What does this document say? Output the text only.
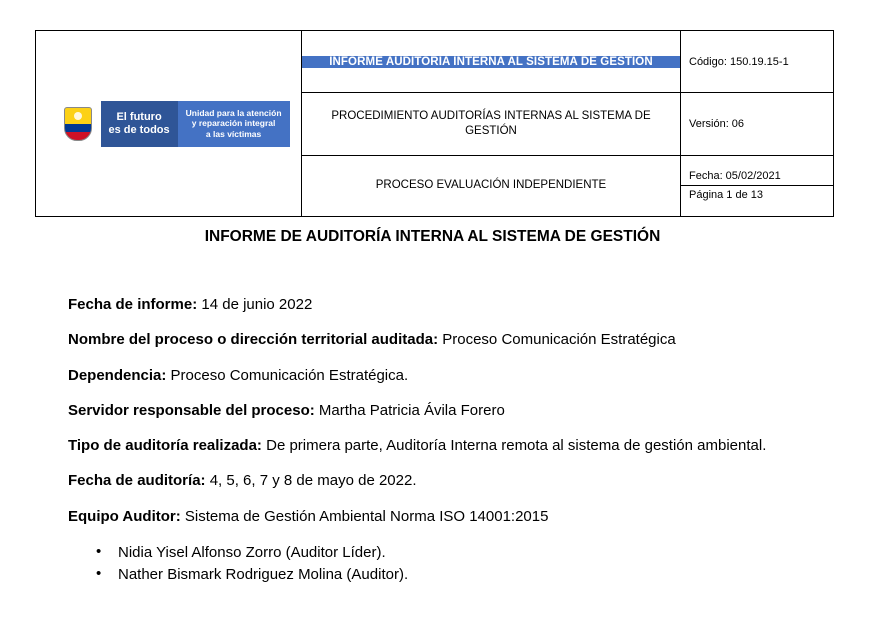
El futuro
es de todos
Unidad para la atención
y reparación integral
a las víctimas	INFORME AUDITORIA INTERNA AL SISTEMA DE GESTION	Código: 150.19.15-1

	PROCEDIMIENTO AUDITORÍAS INTERNAS AL SISTEMA DE GESTIÓN	Versión: 06

	PROCESO EVALUACIÓN INDEPENDIENTE	Fecha: 05/02/2021
Página 1 de 13
INFORME DE AUDITORÍA INTERNA AL SISTEMA DE GESTIÓN
Fecha de informe: 14 de junio 2022
Nombre del proceso o dirección territorial auditada: Proceso Comunicación Estratégica
Dependencia: Proceso Comunicación Estratégica.
Servidor responsable del proceso: Martha Patricia Ávila Forero
Tipo de auditoría realizada: De primera parte, Auditoría Interna remota al sistema de gestión ambiental.
Fecha de auditoría: 4, 5, 6, 7 y 8 de mayo de 2022.
Equipo Auditor: Sistema de Gestión Ambiental Norma ISO 14001:2015
• Nidia Yisel Alfonso Zorro (Auditor Líder).
• Nather Bismark Rodriguez Molina (Auditor).
